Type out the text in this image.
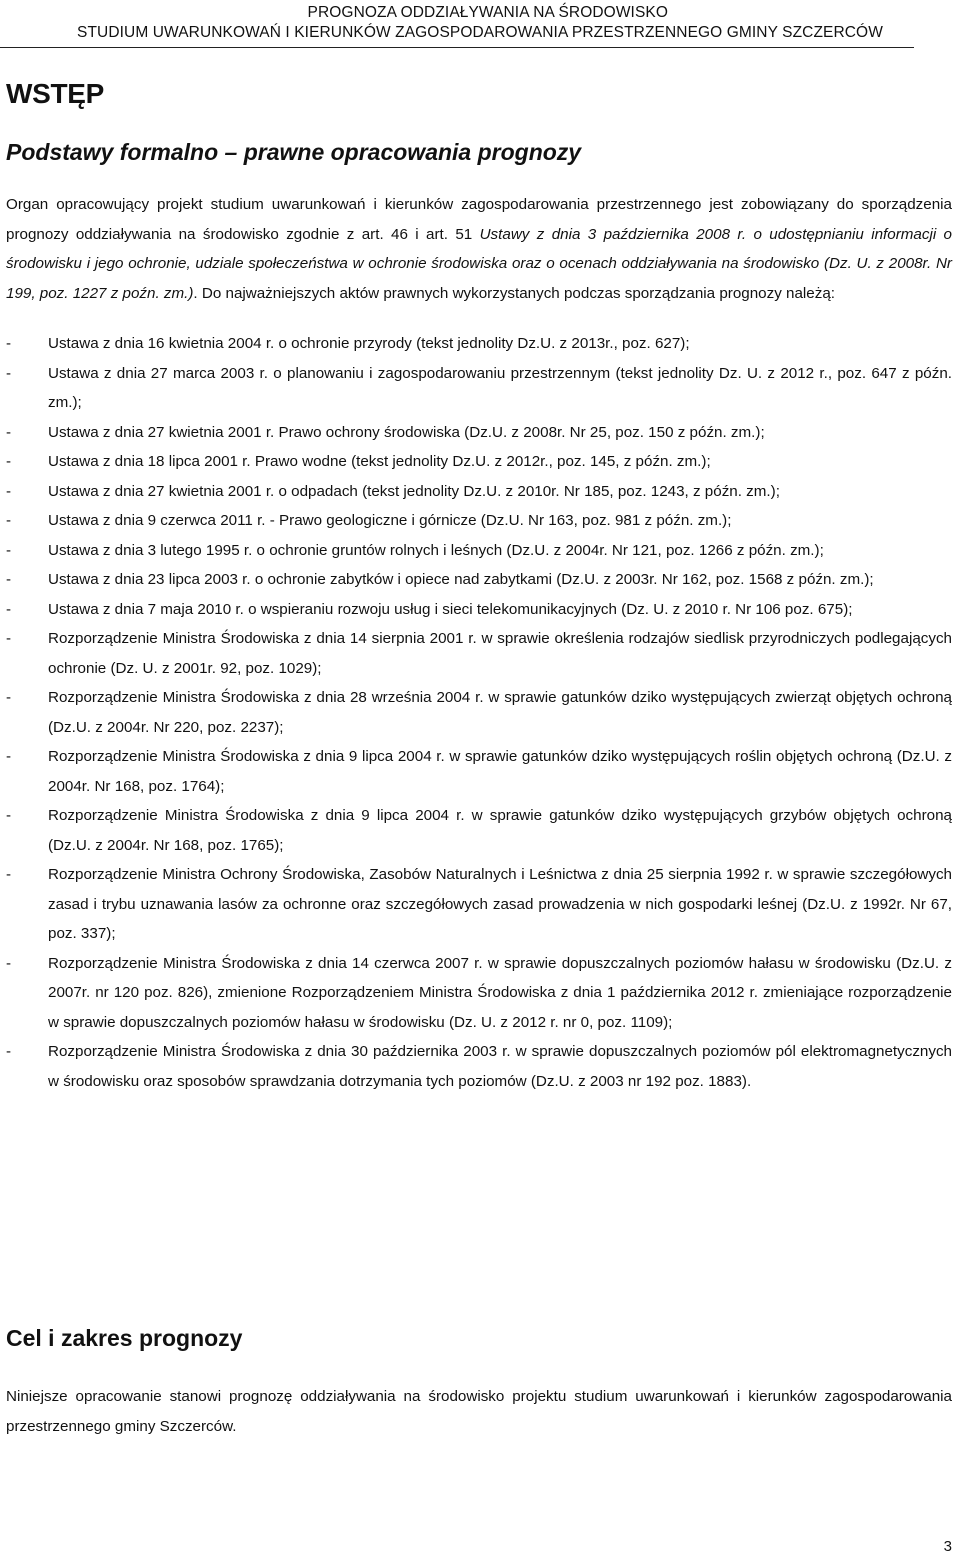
PROGNOZA ODDZIAŁYWANIA NA ŚRODOWISKO
STUDIUM UWARUNKOWAŃ I KIERUNKÓW ZAGOSPODAROWANIA PRZESTRZENNEGO GMINY SZCZERCÓW
WSTĘP
Podstawy formalno – prawne opracowania prognozy
Organ opracowujący projekt studium uwarunkowań i kierunków zagospodarowania przestrzennego jest zobowiązany do sporządzenia prognozy oddziaływania na środowisko zgodnie z art. 46 i art. 51 Ustawy z dnia 3 października 2008 r. o udostępnianiu informacji o środowisku i jego ochronie, udziale społeczeństwa w ochronie środowiska oraz o ocenach oddziaływania na środowisko (Dz. U. z 2008r. Nr 199, poz. 1227 z poźn. zm.). Do najważniejszych aktów prawnych wykorzystanych podczas sporządzania prognozy należą:
- Ustawa z dnia 16 kwietnia 2004 r. o ochronie przyrody (tekst jednolity Dz.U. z 2013r., poz. 627);
- Ustawa z dnia 27 marca 2003 r. o planowaniu i zagospodarowaniu przestrzennym (tekst jednolity Dz. U. z 2012 r., poz. 647 z późn. zm.);
- Ustawa z dnia 27 kwietnia 2001 r. Prawo ochrony środowiska (Dz.U. z 2008r. Nr 25, poz. 150 z późn. zm.);
- Ustawa z dnia 18 lipca 2001 r. Prawo wodne (tekst jednolity Dz.U. z 2012r., poz. 145, z późn. zm.);
- Ustawa z dnia 27 kwietnia 2001 r. o odpadach (tekst jednolity Dz.U. z 2010r. Nr 185, poz. 1243, z późn. zm.);
- Ustawa z dnia 9 czerwca 2011 r. - Prawo geologiczne i górnicze (Dz.U. Nr 163, poz. 981 z późn. zm.);
- Ustawa z dnia 3 lutego 1995 r. o ochronie gruntów rolnych i leśnych (Dz.U. z 2004r. Nr 121, poz. 1266 z późn. zm.);
- Ustawa z dnia 23 lipca 2003 r. o ochronie zabytków i opiece nad zabytkami (Dz.U. z 2003r. Nr 162, poz. 1568 z późn. zm.);
- Ustawa z dnia 7 maja 2010 r. o wspieraniu rozwoju usług i sieci telekomunikacyjnych (Dz. U. z 2010 r. Nr 106 poz. 675);
- Rozporządzenie Ministra Środowiska z dnia 14 sierpnia 2001 r. w sprawie określenia rodzajów siedlisk przyrodniczych podlegających ochronie (Dz. U. z 2001r. 92, poz. 1029);
- Rozporządzenie Ministra Środowiska z dnia 28 września 2004 r. w sprawie gatunków dziko występujących zwierząt objętych ochroną (Dz.U. z 2004r. Nr 220, poz. 2237);
- Rozporządzenie Ministra Środowiska z dnia 9 lipca 2004 r. w sprawie gatunków dziko występujących roślin objętych ochroną (Dz.U. z 2004r. Nr 168, poz. 1764);
- Rozporządzenie Ministra Środowiska z dnia 9 lipca 2004 r. w sprawie gatunków dziko występujących grzybów objętych ochroną (Dz.U. z 2004r. Nr 168, poz. 1765);
- Rozporządzenie Ministra Ochrony Środowiska, Zasobów Naturalnych i Leśnictwa z dnia 25 sierpnia 1992 r. w sprawie szczegółowych zasad i trybu uznawania lasów za ochronne oraz szczegółowych zasad prowadzenia w nich gospodarki leśnej (Dz.U. z 1992r. Nr 67, poz. 337);
- Rozporządzenie Ministra Środowiska z dnia 14 czerwca 2007 r. w sprawie dopuszczalnych poziomów hałasu w środowisku (Dz.U. z 2007r. nr 120 poz. 826), zmienione Rozporządzeniem Ministra Środowiska z dnia 1 października 2012 r. zmieniające rozporządzenie w sprawie dopuszczalnych poziomów hałasu w środowisku (Dz. U. z 2012 r. nr 0, poz. 1109);
- Rozporządzenie Ministra Środowiska z dnia 30 października 2003 r. w sprawie dopuszczalnych poziomów pól elektromagnetycznych w środowisku oraz sposobów sprawdzania dotrzymania tych poziomów (Dz.U. z 2003 nr 192 poz. 1883).
Cel i zakres prognozy
Niniejsze opracowanie stanowi prognozę oddziaływania na środowisko projektu studium uwarunkowań i kierunków zagospodarowania przestrzennego gminy Szczerców.
3
